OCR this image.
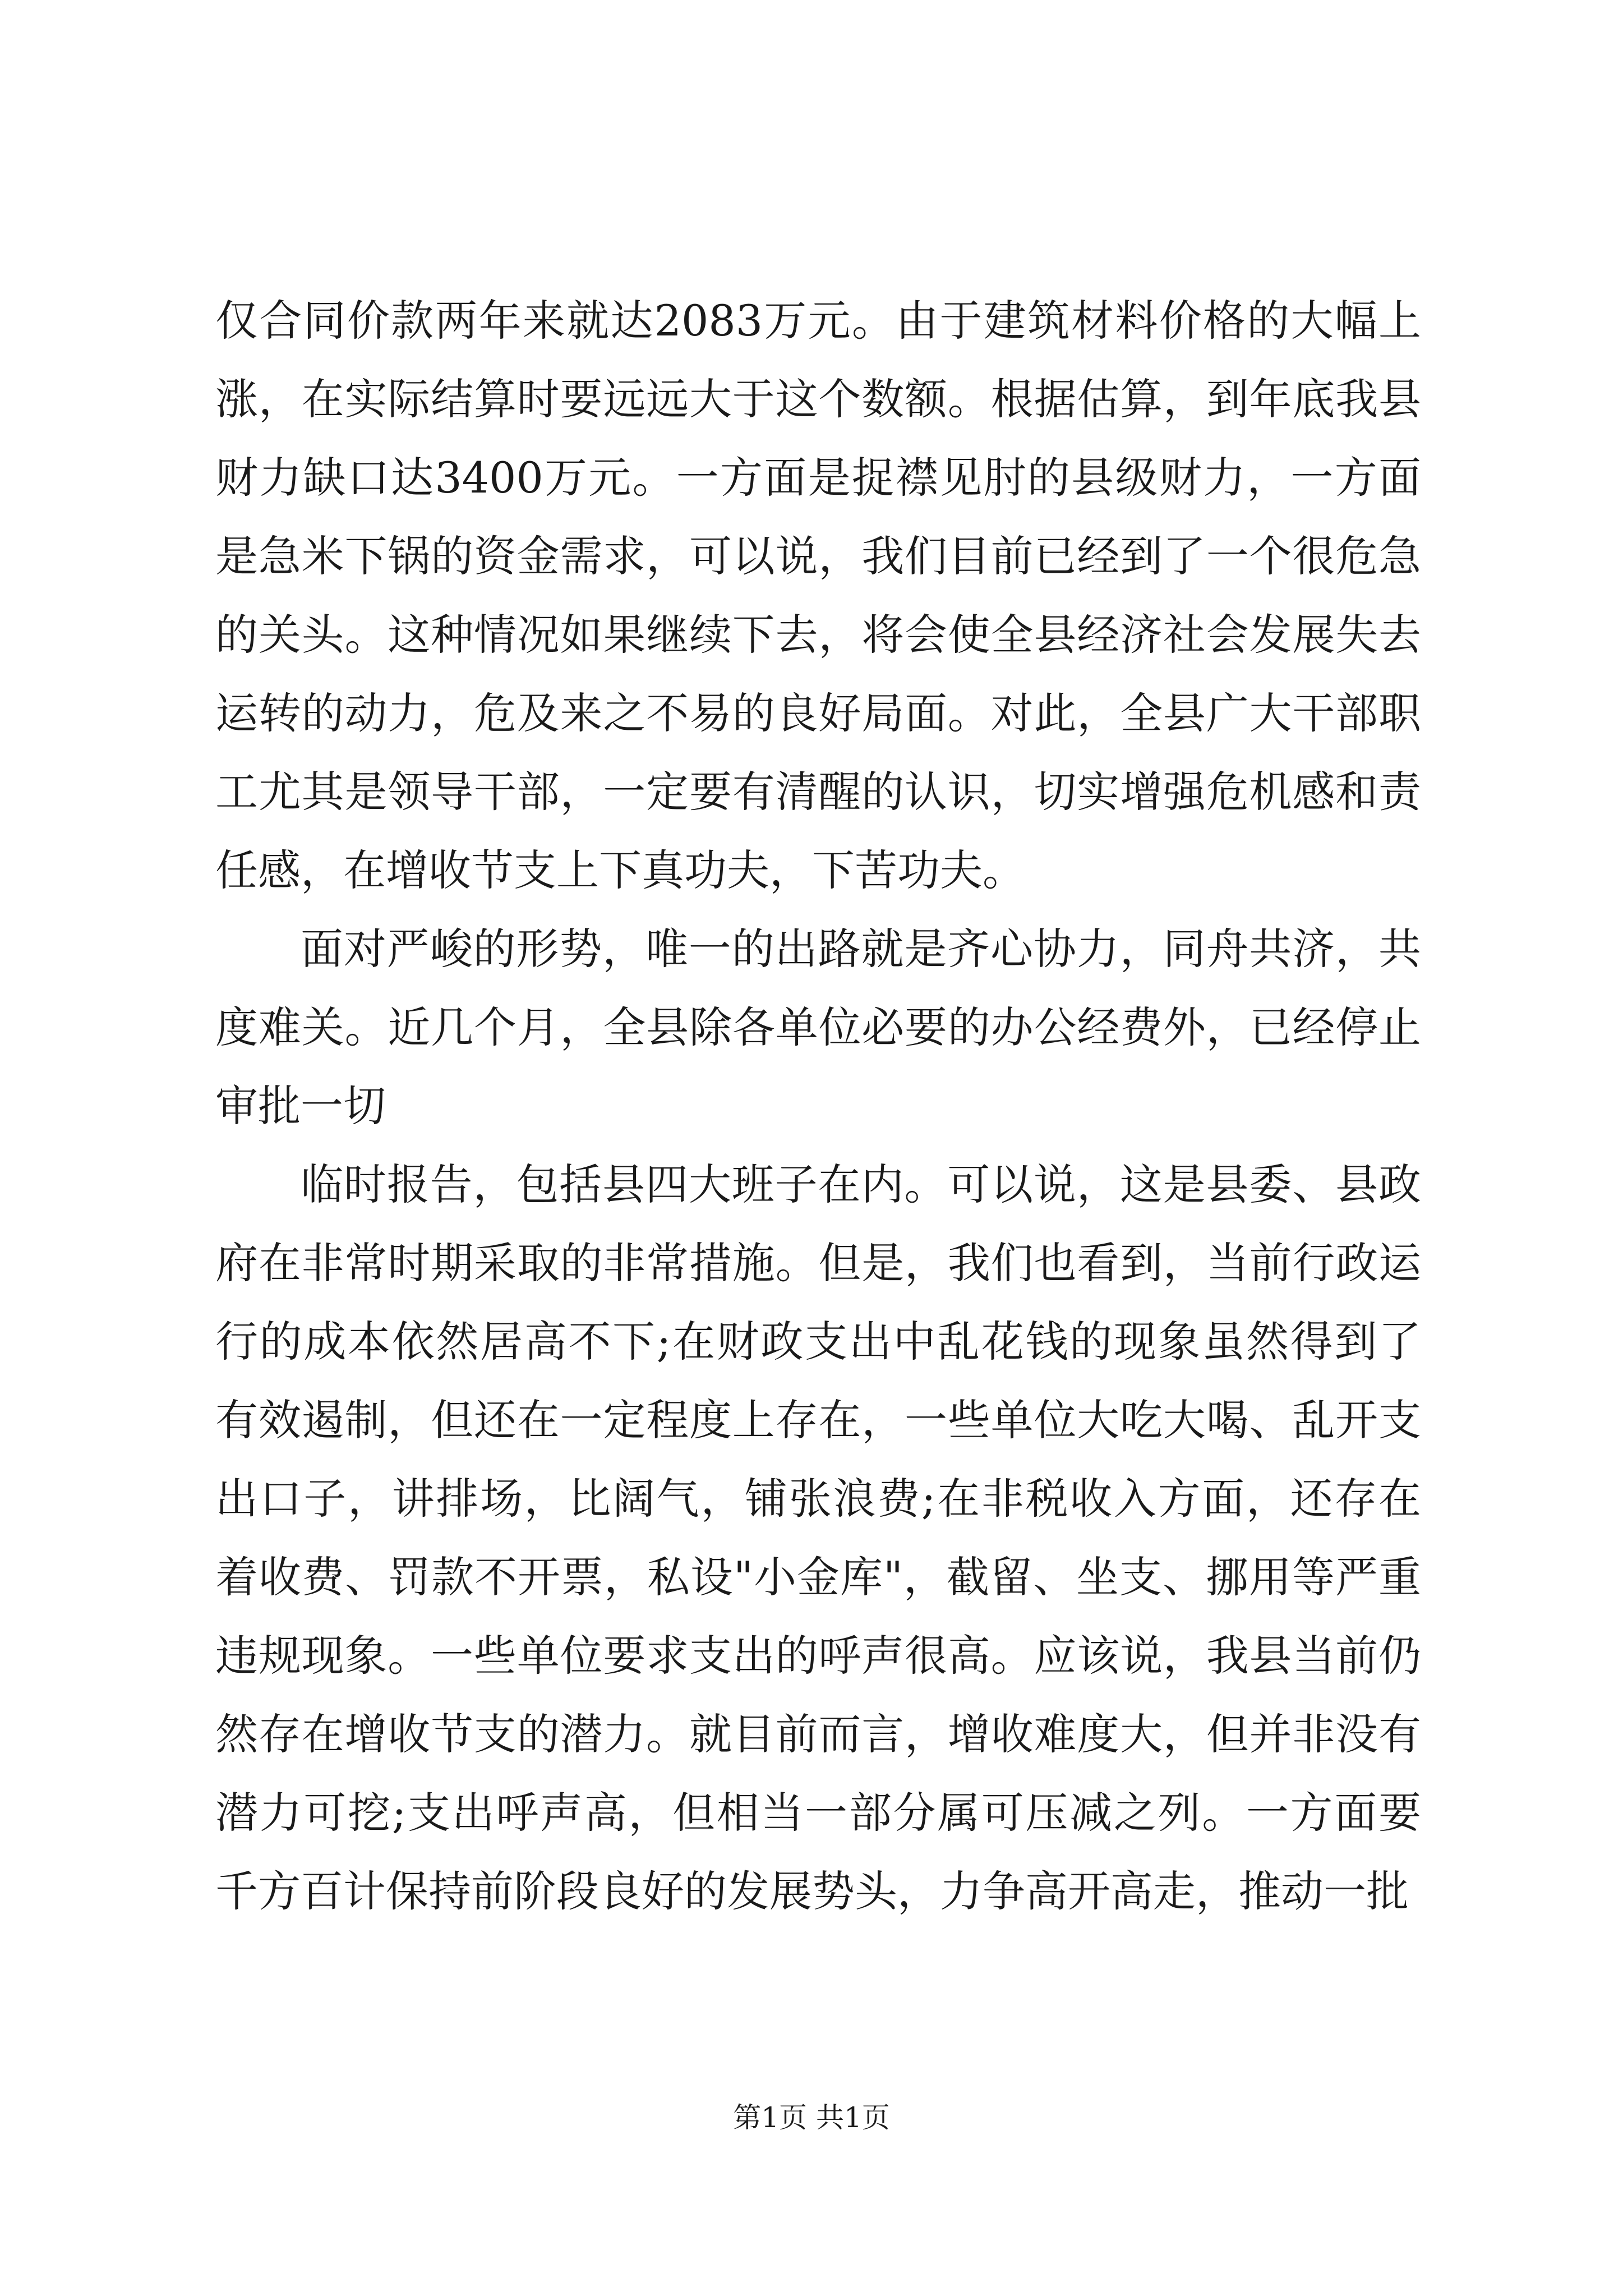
仅合同价款两年来就达2083万元。由于建筑材料价格的大幅上涨，在实际结算时要远远大于这个数额。根据估算，到年底我县财力缺口达3400万元。一方面是捉襟见肘的县级财力，一方面是急米下锅的资金需求，可以说，我们目前已经到了一个很危急的关头。这种情况如果继续下去，将会使全县经济社会发展失去运转的动力，危及来之不易的良好局面。对此，全县广大干部职工尤其是领导干部，一定要有清醒的认识，切实增强危机感和责任感，在增收节支上下真功夫，下苦功夫。

面对严峻的形势，唯一的出路就是齐心协力，同舟共济，共度难关。近几个月，全县除各单位必要的办公经费外，已经停止审批一切

临时报告，包括县四大班子在内。可以说，这是县委、县政府在非常时期采取的非常措施。但是，我们也看到，当前行政运行的成本依然居高不下;在财政支出中乱花钱的现象虽然得到了有效遏制，但还在一定程度上存在，一些单位大吃大喝、乱开支出口子，讲排场，比阔气，铺张浪费;在非税收入方面，还存在着收费、罚款不开票，私设"小金库"，截留、坐支、挪用等严重违规现象。一些单位要求支出的呼声很高。应该说，我县当前仍然存在增收节支的潜力。就目前而言，增收难度大，但并非没有潜力可挖;支出呼声高，但相当一部分属可压减之列。一方面要千方百计保持前阶段良好的发展势头，力争高开高走，推动一批

第1页 共1页
